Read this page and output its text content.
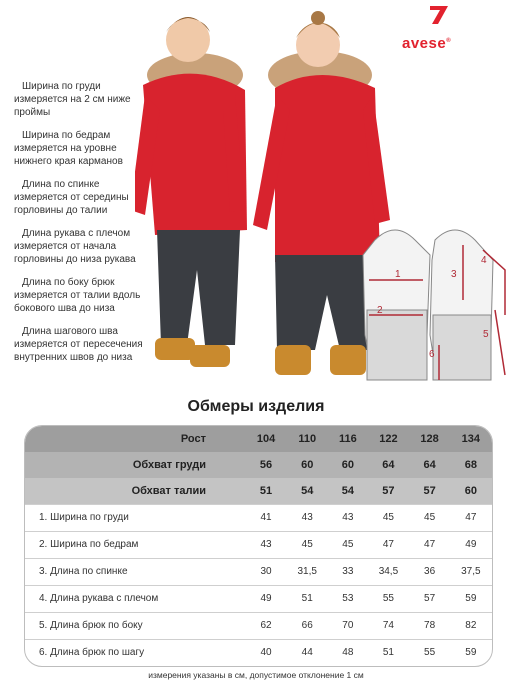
avese®
Ширина по груди измеряется на 2 см ниже проймы
Ширина по бедрам измеряется на уровне нижнего края карманов
Длина по спинке измеряется от середины горловины до талии
Длина рукава с плечом измеряется от начала горловины до низа рукава
Длина по боку брюк измеряется от талии вдоль бокового шва до низа
Длина шагового шва измеряется от пересечения внутренних швов до низа
1
2
3
4
5
6
Обмеры изделия
Рост	104	110	116	122	128	134
Обхват груди	56	60	60	64	64	68
Обхват талии	51	54	54	57	57	60
1. Ширина по груди	41	43	43	45	45	47
2. Ширина по бедрам	43	45	45	47	47	49
3. Длина по спинке	30	31,5	33	34,5	36	37,5
4. Длина рукава с плечом	49	51	53	55	57	59
5. Длина брюк по боку	62	66	70	74	78	82
6. Длина брюк по шагу	40	44	48	51	55	59
измерения указаны в см, допустимое отклонение 1 см
